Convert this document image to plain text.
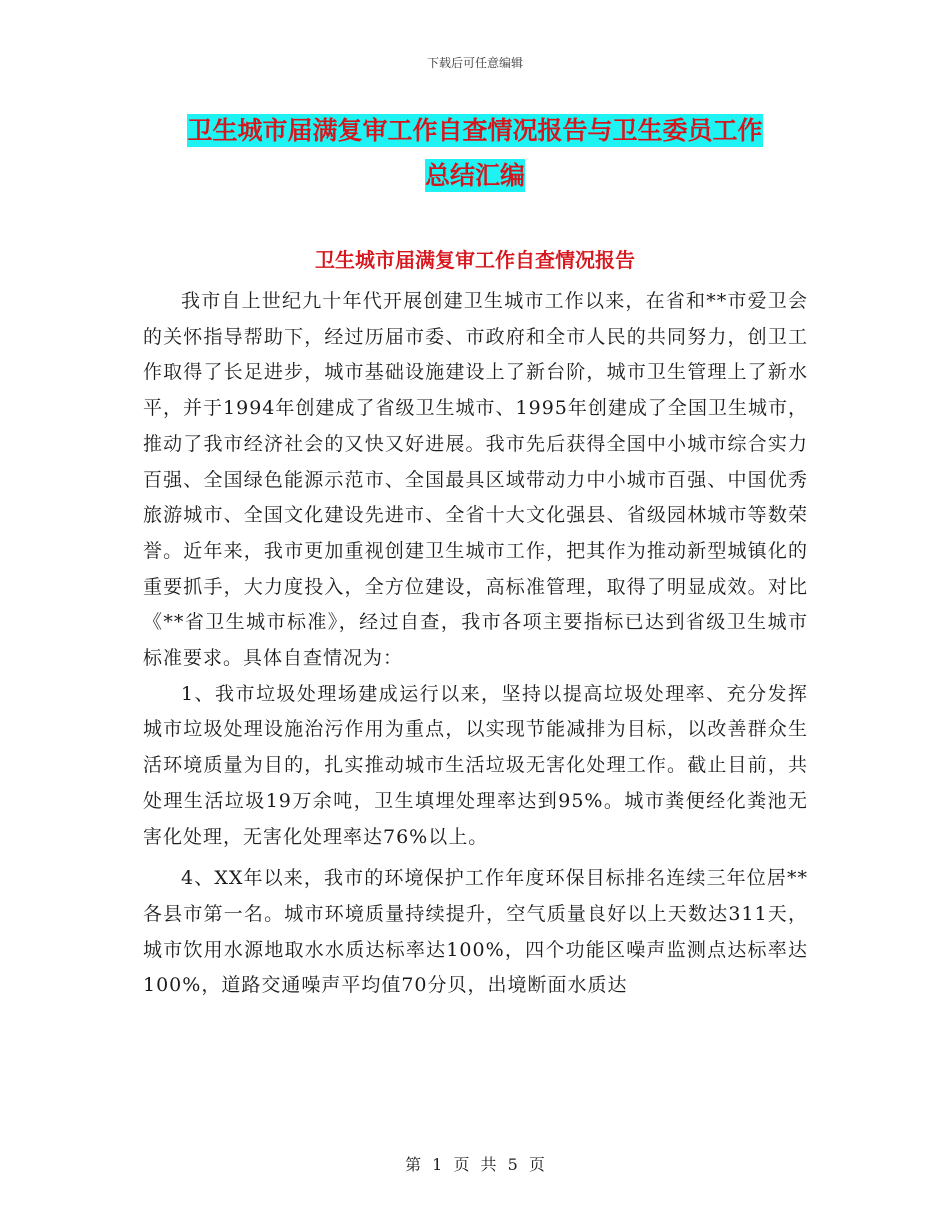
下载后可任意编辑
卫生城市届满复审工作自查情况报告与卫生委员工作
总结汇编
卫生城市届满复审工作自查情况报告

我市自上世纪九十年代开展创建卫生城市工作以来，在省和**市爱卫会的关怀指导帮助下，经过历届市委、市政府和全市人民的共同努力，创卫工作取得了长足进步，城市基础设施建设上了新台阶，城市卫生管理上了新水平，并于1994年创建成了省级卫生城市、1995年创建成了全国卫生城市，推动了我市经济社会的又快又好进展。我市先后获得全国中小城市综合实力百强、全国绿色能源示范市、全国最具区域带动力中小城市百强、中国优秀旅游城市、全国文化建设先进市、全省十大文化强县、省级园林城市等数荣誉。近年来，我市更加重视创建卫生城市工作，把其作为推动新型城镇化的重要抓手，大力度投入，全方位建设，高标准管理，取得了明显成效。对比《**省卫生城市标准》，经过自查，我市各项主要指标已达到省级卫生城市标准要求。具体自查情况为：

1、我市垃圾处理场建成运行以来，坚持以提高垃圾处理率、充分发挥城市垃圾处理设施治污作用为重点，以实现节能减排为目标，以改善群众生活环境质量为目的，扎实推动城市生活垃圾无害化处理工作。截止目前，共处理生活垃圾19万余吨，卫生填埋处理率达到95%。城市粪便经化粪池无害化处理，无害化处理率达76%以上。

4、XX年以来，我市的环境保护工作年度环保目标排名连续三年位居**各县市第一名。城市环境质量持续提升，空气质量良好以上天数达311天，城市饮用水源地取水水质达标率达100%，四个功能区噪声监测点达标率达100%，道路交通噪声平均值70分贝，出境断面水质达

第 1 页 共 5 页
